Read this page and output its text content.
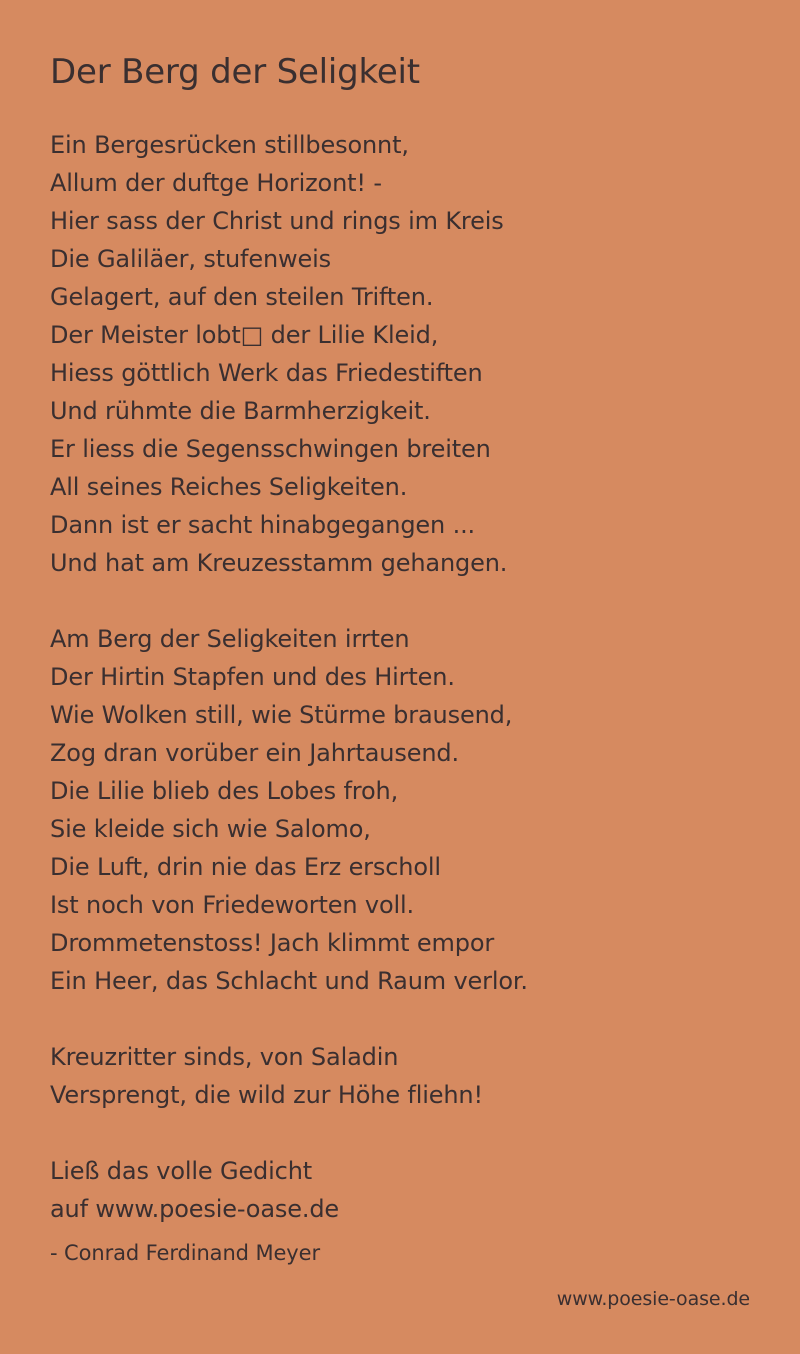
Der Berg der Seligkeit
Ein Bergesrücken stillbesonnt,
Allum der duftge Horizont! -
Hier sass der Christ und rings im Kreis
Die Galiläer, stufenweis
Gelagert, auf den steilen Triften.
Der Meister lobt□ der Lilie Kleid,
Hiess göttlich Werk das Friedestiften
Und rühmte die Barmherzigkeit.
Er liess die Segensschwingen breiten
All seines Reiches Seligkeiten.
Dann ist er sacht hinabgegangen ...
Und hat am Kreuzesstamm gehangen.
Am Berg der Seligkeiten irrten
Der Hirtin Stapfen und des Hirten.
Wie Wolken still, wie Stürme brausend,
Zog dran vorüber ein Jahrtausend.
Die Lilie blieb des Lobes froh,
Sie kleide sich wie Salomo,
Die Luft, drin nie das Erz erscholl
Ist noch von Friedeworten voll.
Drommetenstoss! Jach klimmt empor
Ein Heer, das Schlacht und Raum verlor.
Kreuzritter sinds, von Saladin
Versprengt, die wild zur Höhe fliehn!
Ließ das volle Gedicht
auf www.poesie-oase.de
- Conrad Ferdinand Meyer
www.poesie-oase.de
